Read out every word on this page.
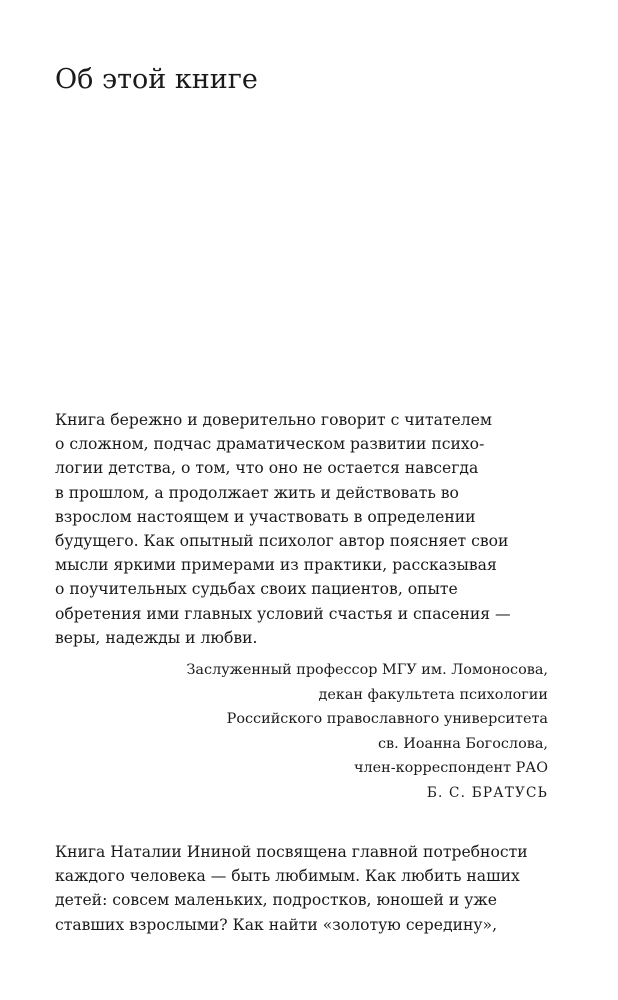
Об этой книге

Книга бережно и доверительно говорит с читателем
о сложном, подчас драматическом развитии психо-
логии детства, о том, что оно не остается навсегда
в прошлом, а продолжает жить и действовать во
взрослом настоящем и участвовать в определении
будущего. Как опытный психолог автор поясняет свои
мысли яркими примерами из практики, рассказывая
о поучительных судьбах своих пациентов, опыте
обретения ими главных условий счастья и спасения —
веры, надежды и любви.

Заслуженный профессор МГУ им. Ломоносова,
декан факультета психологии
Российского православного университета
св. Иоанна Богослова,
член-корреспондент РАО
Б. С. БРАТУСЬ

Книга Наталии Ининой посвящена главной потребности
каждого человека — быть любимым. Как любить наших
детей: совсем маленьких, подростков, юношей и уже
ставших взрослыми? Как найти «золотую середину»,
